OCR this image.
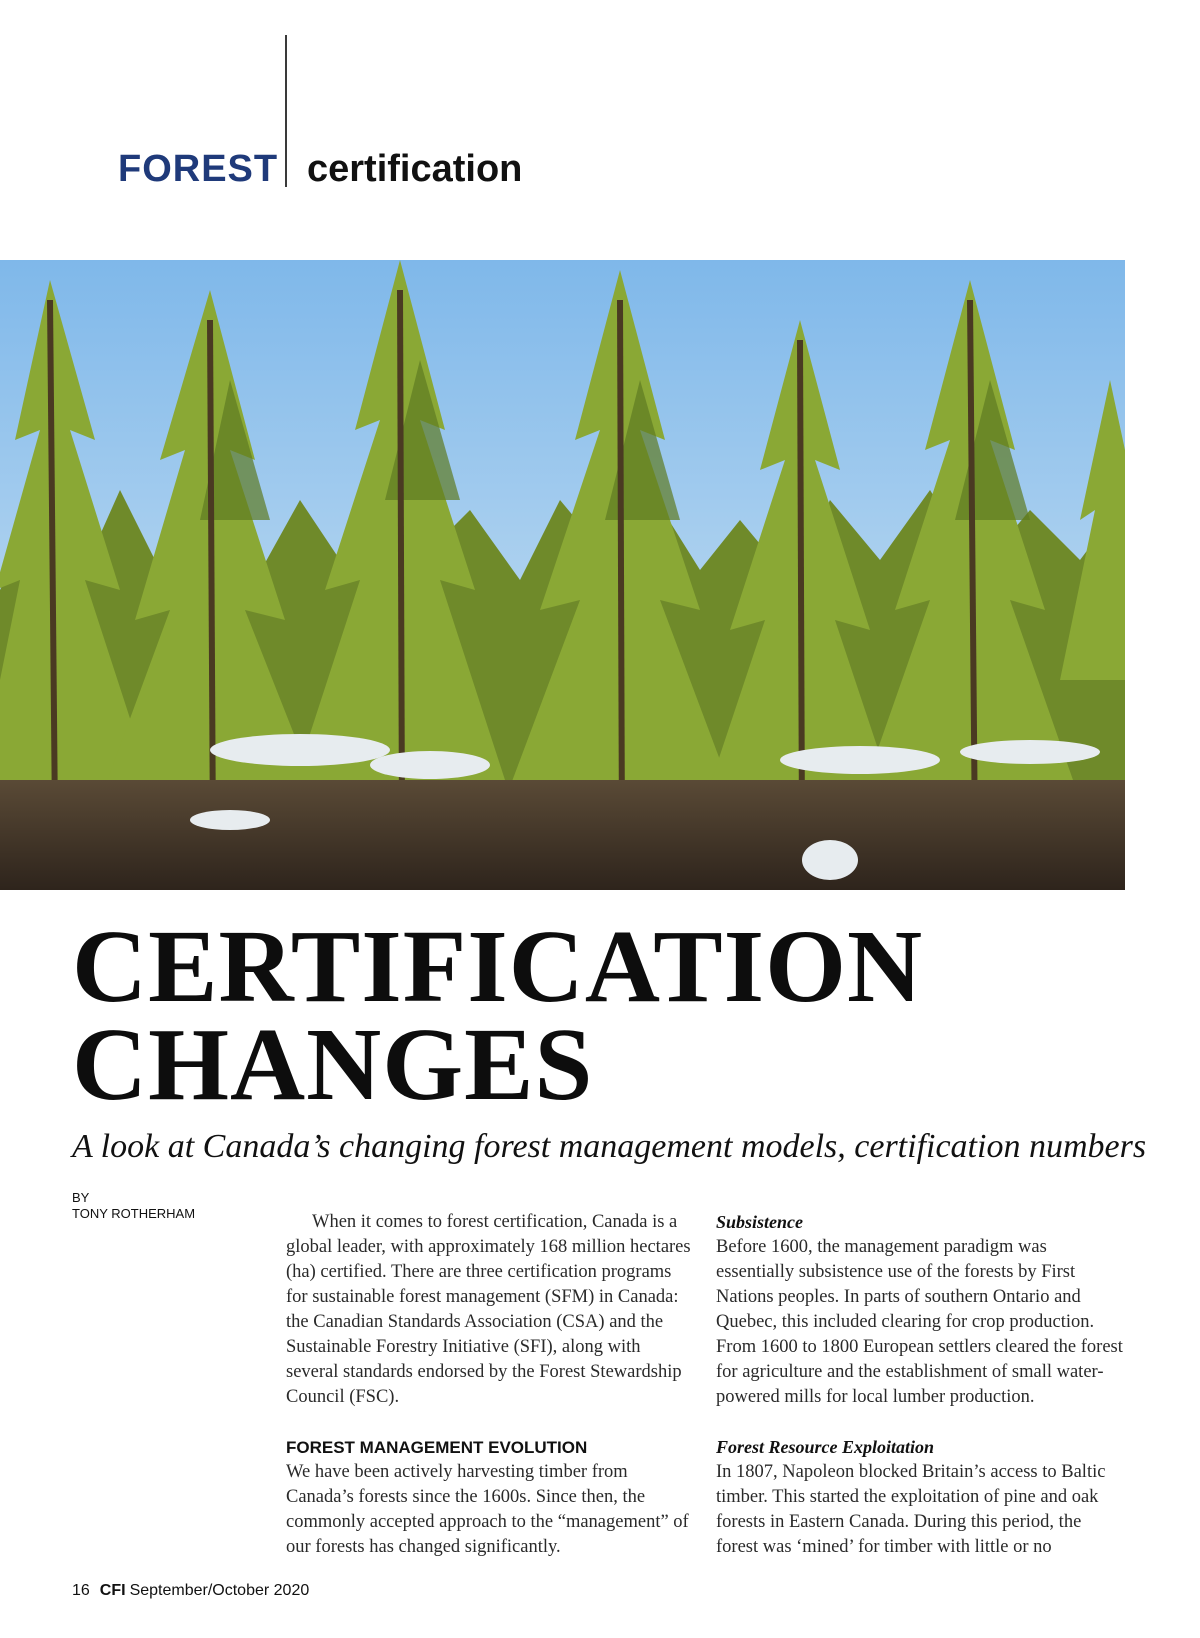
FOREST certification
CERTIFICATION
CHANGES

A look at Canada’s changing forest management models, certification numbers

BY
TONY ROTHERHAM	When it comes to forest certification, Canada is a global leader, with approximately 168 million hectares (ha) certified. There are three certification programs for sustainable forest management (SFM) in Canada: the Canadian Standards Association (CSA) and the Sustainable Forestry Initiative (SFI), along with several standards endorsed by the Forest Stewardship Council (FSC).

FOREST MANAGEMENT EVOLUTION

We have been actively harvesting timber from Canada’s forests since the 1600s. Since then, the commonly accepted approach to the “management” of our forests has changed significantly.

Subsistence

Before 1600, the management paradigm was essentially subsistence use of the forests by First Nations peoples. In parts of southern Ontario and Quebec, this included clearing for crop production. From 1600 to 1800 European settlers cleared the forest for agriculture and the establishment of small water-powered mills for local lumber production.

Forest Resource Exploitation

In 1807, Napoleon blocked Britain’s access to Baltic timber. This started the exploitation of pine and oak forests in Eastern Canada. During this period, the forest was ‘mined’ for timber with little or no

16 CFI September/October 2020
